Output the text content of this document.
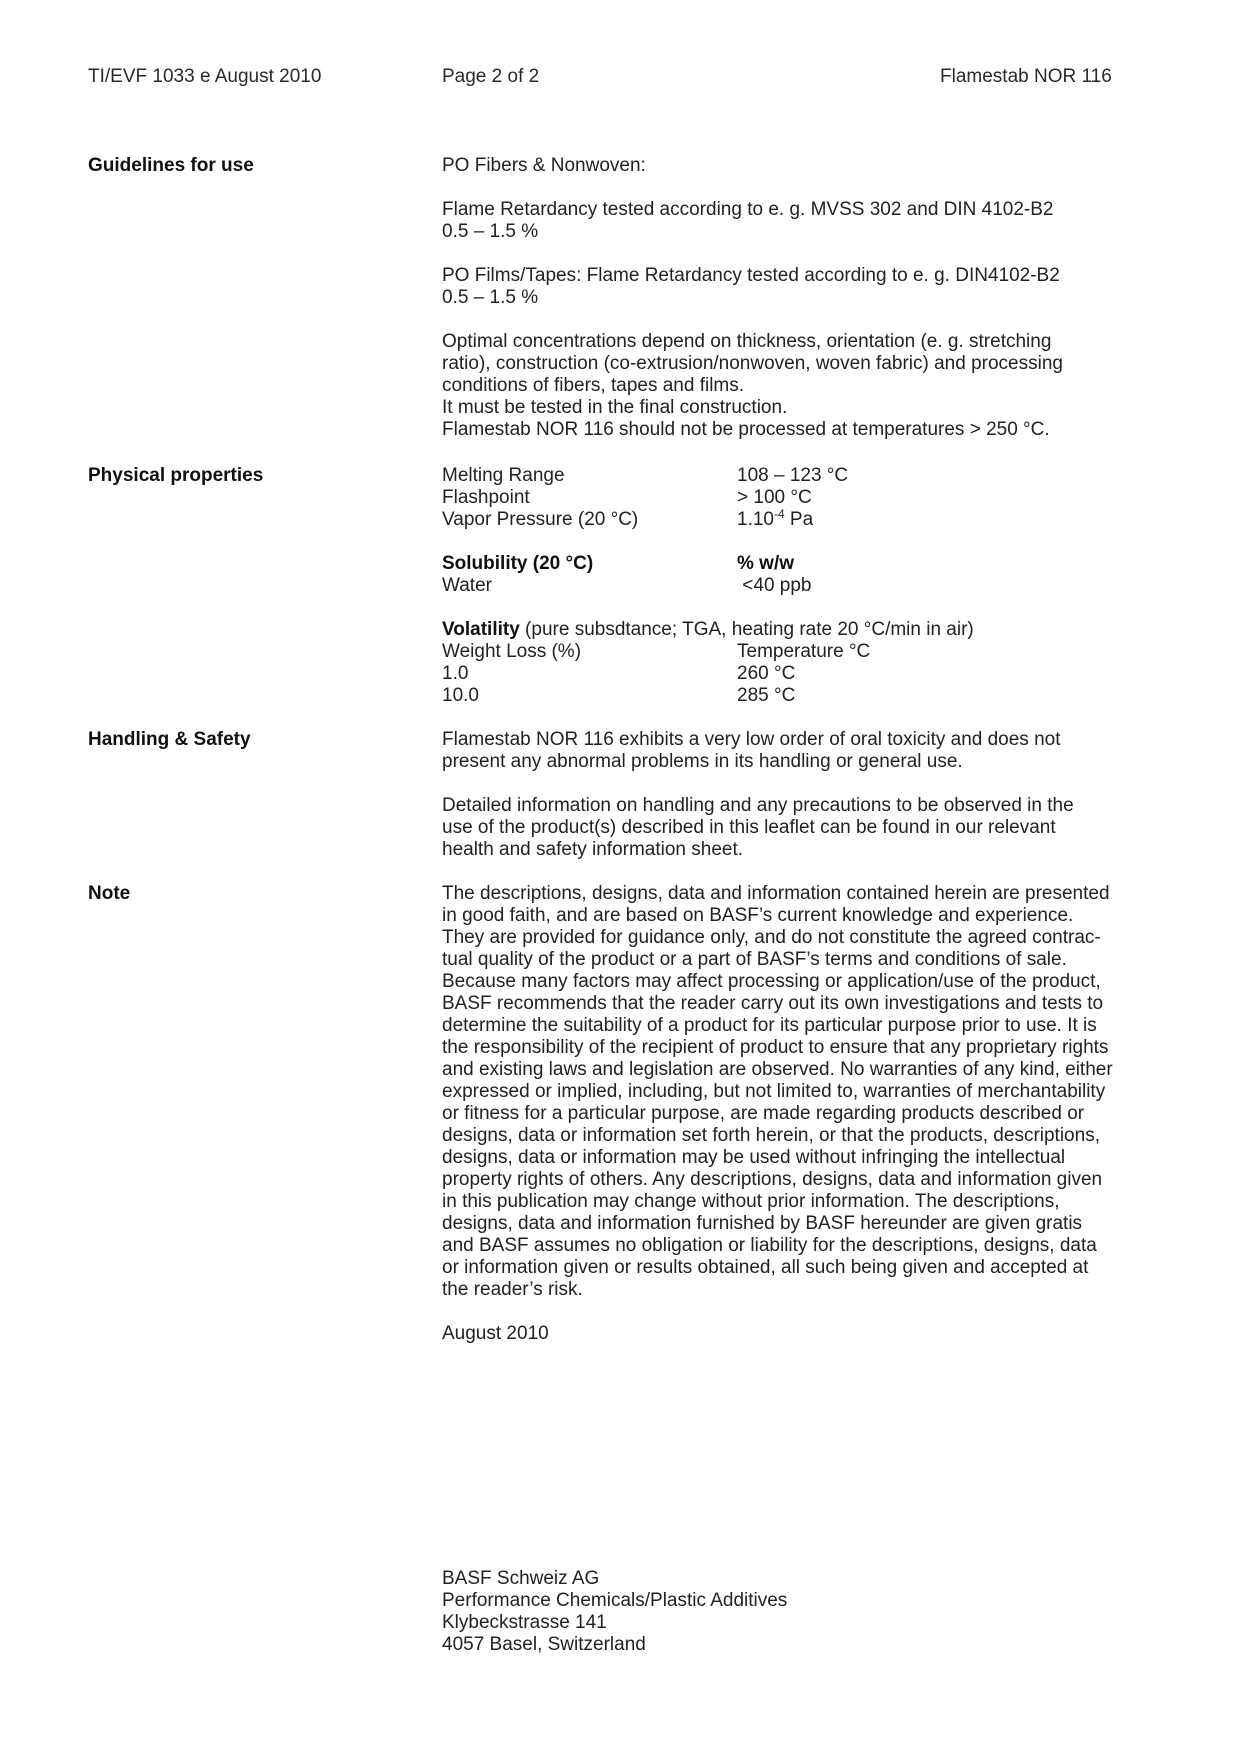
TI/EVF 1033 e August 2010	Page 2 of 2	Flamestab NOR 116
Guidelines for use	PO Fibers & Nonwoven:

Flame Retardancy tested according to e. g. MVSS 302 and DIN 4102-B2

0.5 – 1.5 %

PO Films/Tapes: Flame Retardancy tested according to e. g. DIN4102-B2

0.5 – 1.5 %

Optimal concentrations depend on thickness, orientation (e. g. stretching

ratio), construction (co-extrusion/nonwoven, woven fabric) and processing

conditions of fibers, tapes and films.

It must be tested in the final construction.

Flamestab NOR 116 should not be processed at temperatures > 250 °C.

Physical properties	Melting Range	108 – 123 °C
Flashpoint	> 100 °C
Vapor Pressure (20 °C)	$1.10^{-4}$ Pa
Solubility (20 °C)	% w/w
Water	<40 ppb

Volatility (pure subsdtance; TGA, heating rate 20 °C/min in air)

Weight Loss (%)	Temperature °C
1.0	260 °C
10.0	285 °C
Handling & Safety	Flamestab NOR 116 exhibits a very low order of oral toxicity and does not

present any abnormal problems in its handling or general use.

Detailed information on handling and any precautions to be observed in the

use of the product(s) described in this leaflet can be found in our relevant

health and safety information sheet.

Note	The descriptions, designs, data and information contained herein are presented

in good faith, and are based on BASF’s current knowledge and experience.

They are provided for guidance only, and do not constitute the agreed contrac-

tual quality of the product or a part of BASF’s terms and conditions of sale.

Because many factors may affect processing or application/use of the product,

BASF recommends that the reader carry out its own investigations and tests to

determine the suitability of a product for its particular purpose prior to use. It is

the responsibility of the recipient of product to ensure that any proprietary rights

and existing laws and legislation are observed. No warranties of any kind, either

expressed or implied, including, but not limited to, warranties of merchantability

or fitness for a particular purpose, are made regarding products described or

designs, data or information set forth herein, or that the products, descriptions,

designs, data or information may be used without infringing the intellectual

property rights of others. Any descriptions, designs, data and information given

in this publication may change without prior information. The descriptions,

designs, data and information furnished by BASF hereunder are given gratis

and BASF assumes no obligation or liability for the descriptions, designs, data

or information given or results obtained, all such being given and accepted at

the reader’s risk.

August 2010

BASF Schweiz AG

Performance Chemicals/Plastic Additives

Klybeckstrasse 141

4057 Basel, Switzerland
